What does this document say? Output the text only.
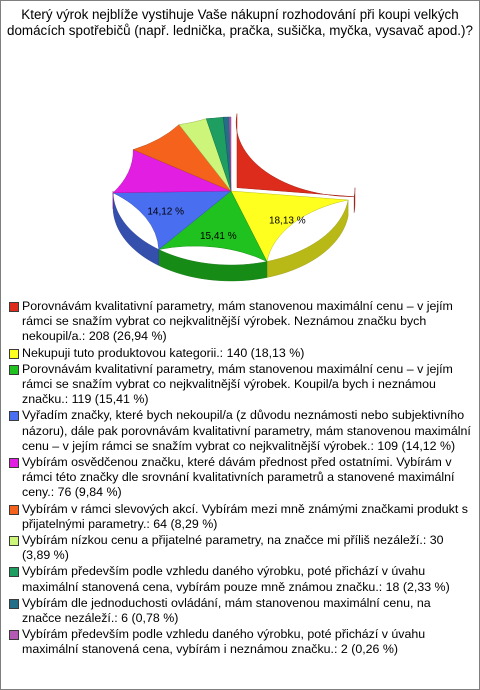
Který výrok nejblíže vystihuje Vaše nákupní rozhodování při koupi velkých domácích spotřebičů (např. lednička, pračka, sušička, myčka, vysavač apod.)?
26,94 %
18,13 %
15,41 %
14,12 %
Porovnávám kvalitativní parametry, mám stanovenou maximální cenu – v jejím rámci se snažím vybrat co nejkvalitnější výrobek. Neznámou značku bych nekoupil/a.: 208 (26,94 %)
Nekupuji tuto produktovou kategorii.: 140 (18,13 %)
Porovnávám kvalitativní parametry, mám stanovenou maximální cenu – v jejím rámci se snažím vybrat co nejkvalitnější výrobek. Koupil/a bych i neznámou značku.: 119 (15,41 %)
Vyřadím značky, které bych nekoupil/a (z důvodu neznámosti nebo subjektivního názoru), dále pak porovnávám kvalitativní parametry, mám stanovenou maximální cenu – v jejím rámci se snažím vybrat co nejkvalitnější výrobek.: 109 (14,12 %)
Vybírám osvědčenou značku, které dávám přednost před ostatními. Vybírám v rámci této značky dle srovnání kvalitativních parametrů a stanovené maximální ceny.: 76 (9,84 %)
Vybírám v rámci slevových akcí. Vybírám mezi mně známými značkami produkt s přijatelnými parametry.: 64 (8,29 %)
Vybírám nízkou cenu a přijatelné parametry, na značce mi příliš nezáleží.: 30 (3,89 %)
Vybírám především podle vzhledu daného výrobku, poté přichází v úvahu maximální stanovená cena, vybírám pouze mně známou značku.: 18 (2,33 %)
Vybírám dle jednoduchosti ovládání, mám stanovenou maximální cenu, na značce nezáleží.: 6 (0,78 %)
Vybírám především podle vzhledu daného výrobku, poté přichází v úvahu maximální stanovená cena, vybírám i neznámou značku.: 2 (0,26 %)
